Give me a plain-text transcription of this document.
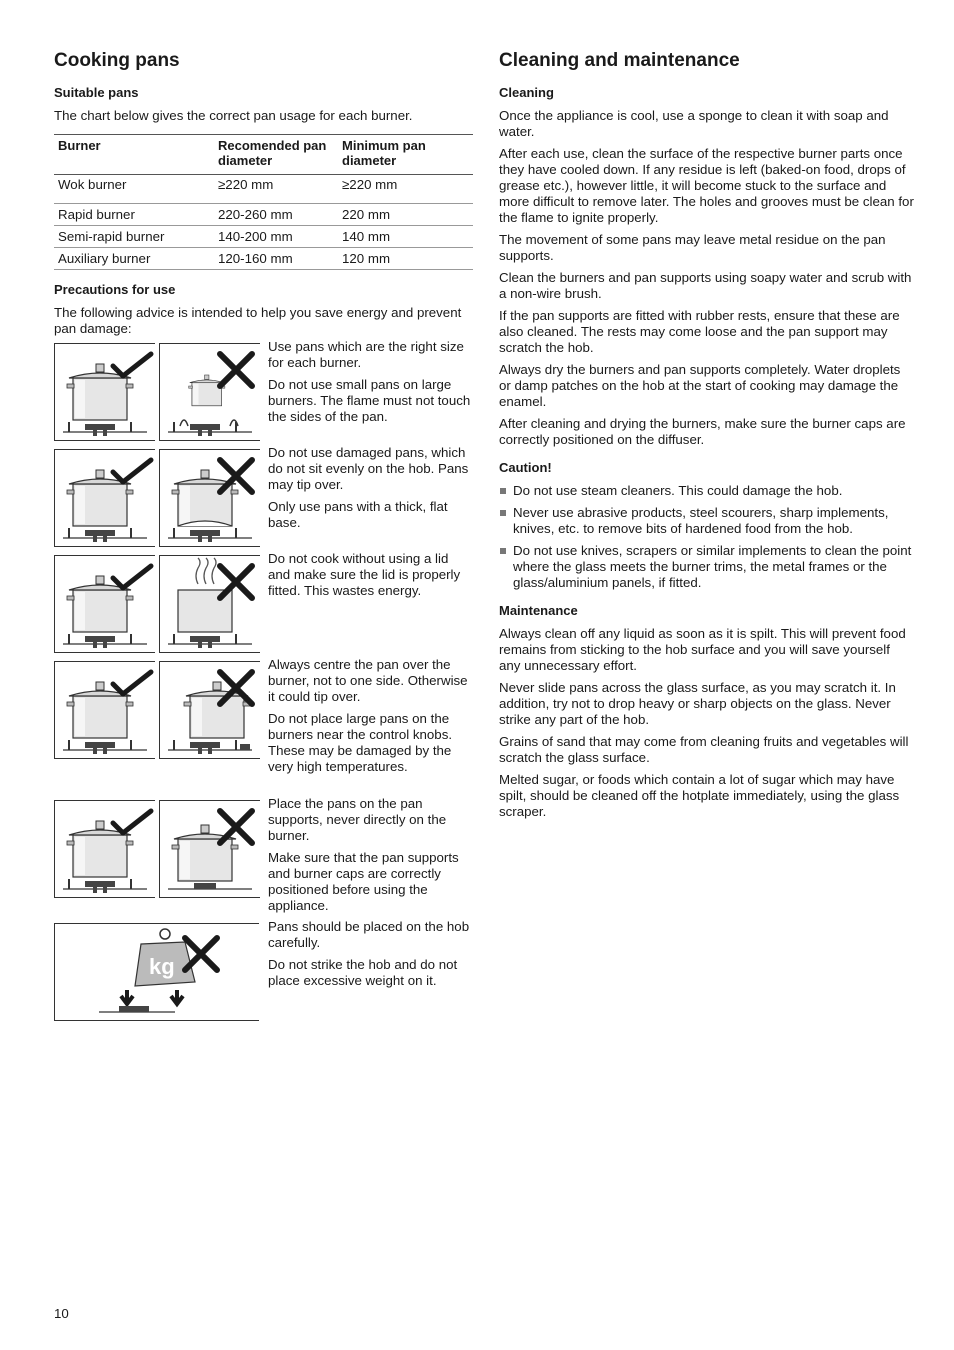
Cooking pans
Suitable pans

The chart below gives the correct pan usage for each burner.

Burner	Recomended pan diameter	Minimum pan diameter
Wok burner	≥220 mm	≥220 mm
Rapid burner	220-260 mm	220 mm
Semi-rapid burner	140-200 mm	140 mm
Auxiliary burner	120-160 mm	120 mm
Precautions for use

The following advice is intended to help you save energy and prevent pan damage:

Use pans which are the right size for each burner.

Do not use small pans on large burners. The flame must not touch the sides of the pan.

Do not use damaged pans, which do not sit evenly on the hob. Pans may tip over.

Only use pans with a thick, flat base.

Do not cook without using a lid and make sure the lid is properly fitted. This wastes energy.

Always centre the pan over the burner, not to one side. Otherwise it could tip over.

Do not place large pans on the burners near the control knobs. These may be damaged by the very high temperatures.

Place the pans on the pan supports, never directly on the burner.

Make sure that the pan supports and burner caps are correctly positioned before using the appliance.

kg

Pans should be placed on the hob carefully.

Do not strike the hob and do not place excessive weight on it.

Cleaning and maintenance
Cleaning

Once the appliance is cool, use a sponge to clean it with soap and water.

After each use, clean the surface of the respective burner parts once they have cooled down. If any residue is left (baked-on food, drops of grease etc.), however little, it will become stuck to the surface and more difficult to remove later. The holes and grooves must be clean for the flame to ignite properly.

The movement of some pans may leave metal residue on the pan supports.

Clean the burners and pan supports using soapy water and scrub with a non-wire brush.

If the pan supports are fitted with rubber rests, ensure that these are also cleaned. The rests may come loose and the pan support may scratch the hob.

Always dry the burners and pan supports completely. Water droplets or damp patches on the hob at the start of cooking may damage the enamel.

After cleaning and drying the burners, make sure the burner caps are correctly positioned on the diffuser.

Caution!
Do not use steam cleaners. This could damage the hob.
Never use abrasive products, steel scourers, sharp implements, knives, etc. to remove bits of hardened food from the hob.
Do not use knives, scrapers or similar implements to clean the point where the glass meets the burner trims, the metal frames or the glass/aluminium panels, if fitted.
Maintenance

Always clean off any liquid as soon as it is spilt. This will prevent food remains from sticking to the hob surface and you will save yourself any unnecessary effort.

Never slide pans across the glass surface, as you may scratch it. In addition, try not to drop heavy or sharp objects on the glass. Never strike any part of the hob.

Grains of sand that may come from cleaning fruits and vegetables will scratch the glass surface.

Melted sugar, or foods which contain a lot of sugar which may have spilt, should be cleaned off the hotplate immediately, using the glass scraper.

10
